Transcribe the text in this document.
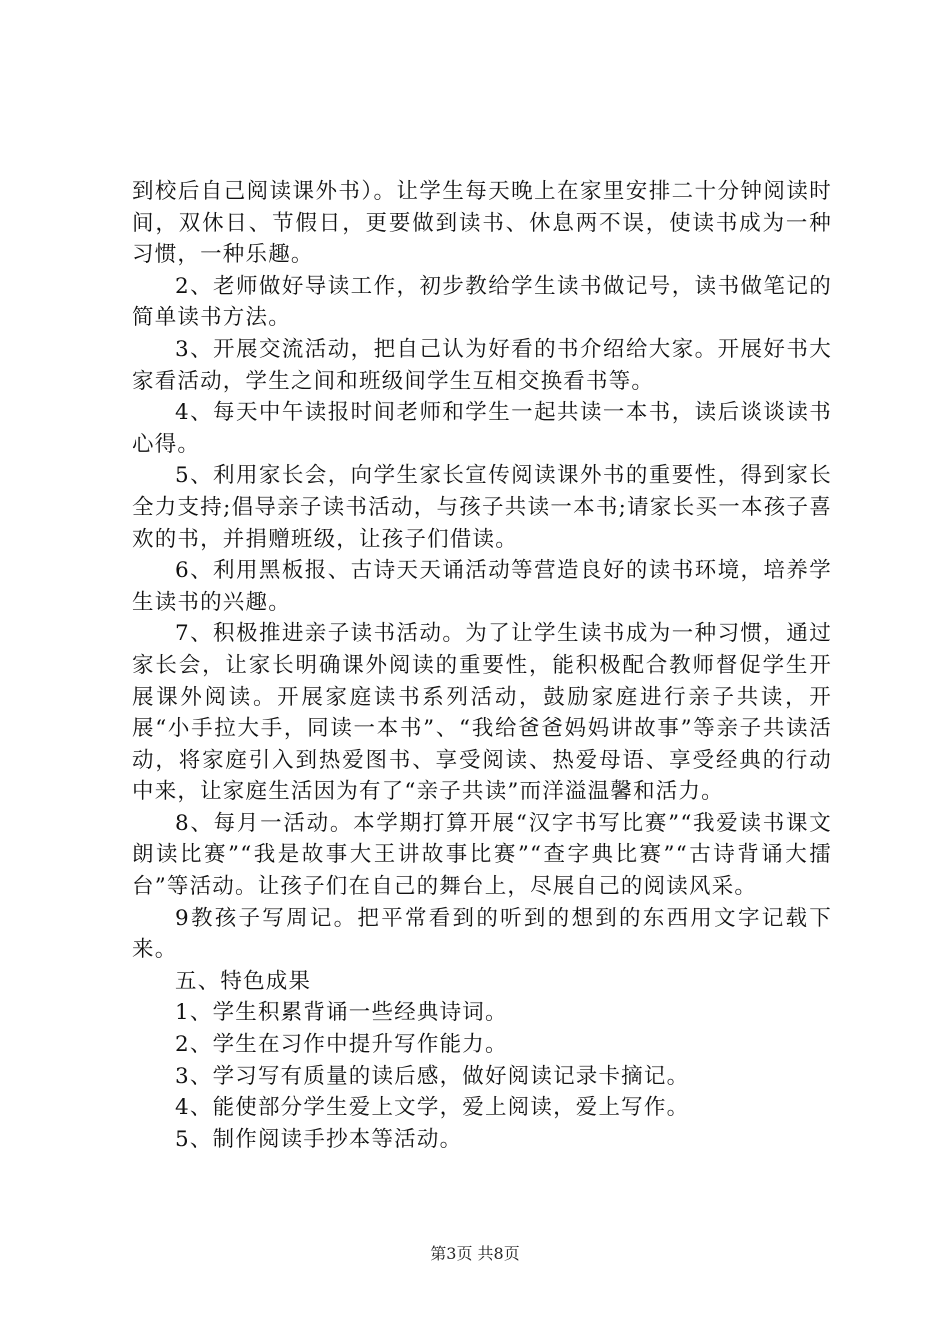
到校后自己阅读课外书）。让学生每天晚上在家里安排二十分钟阅读时间，双休日、节假日，更要做到读书、休息两不误，使读书成为一种习惯，一种乐趣。

2、老师做好导读工作，初步教给学生读书做记号，读书做笔记的简单读书方法。

3、开展交流活动，把自己认为好看的书介绍给大家。开展好书大家看活动，学生之间和班级间学生互相交换看书等。

4、每天中午读报时间老师和学生一起共读一本书，读后谈谈读书心得。

5、利用家长会，向学生家长宣传阅读课外书的重要性，得到家长全力支持;倡导亲子读书活动，与孩子共读一本书;请家长买一本孩子喜欢的书，并捐赠班级，让孩子们借读。

6、利用黑板报、古诗天天诵活动等营造良好的读书环境，培养学生读书的兴趣。

7、积极推进亲子读书活动。为了让学生读书成为一种习惯，通过家长会，让家长明确课外阅读的重要性，能积极配合教师督促学生开展课外阅读。开展家庭读书系列活动，鼓励家庭进行亲子共读，开展“小手拉大手，同读一本书”、“我给爸爸妈妈讲故事”等亲子共读活动，将家庭引入到热爱图书、享受阅读、热爱母语、享受经典的行动中来，让家庭生活因为有了“亲子共读”而洋溢温馨和活力。

8、每月一活动。本学期打算开展“汉字书写比赛”“我爱读书课文朗读比赛”“我是故事大王讲故事比赛”“查字典比赛”“古诗背诵大擂台”等活动。让孩子们在自己的舞台上，尽展自己的阅读风采。

9教孩子写周记。把平常看到的听到的想到的东西用文字记载下来。

五、特色成果

1、学生积累背诵一些经典诗词。

2、学生在习作中提升写作能力。

3、学习写有质量的读后感，做好阅读记录卡摘记。

4、能使部分学生爱上文学，爱上阅读，爱上写作。

5、制作阅读手抄本等活动。

第3页 共8页
